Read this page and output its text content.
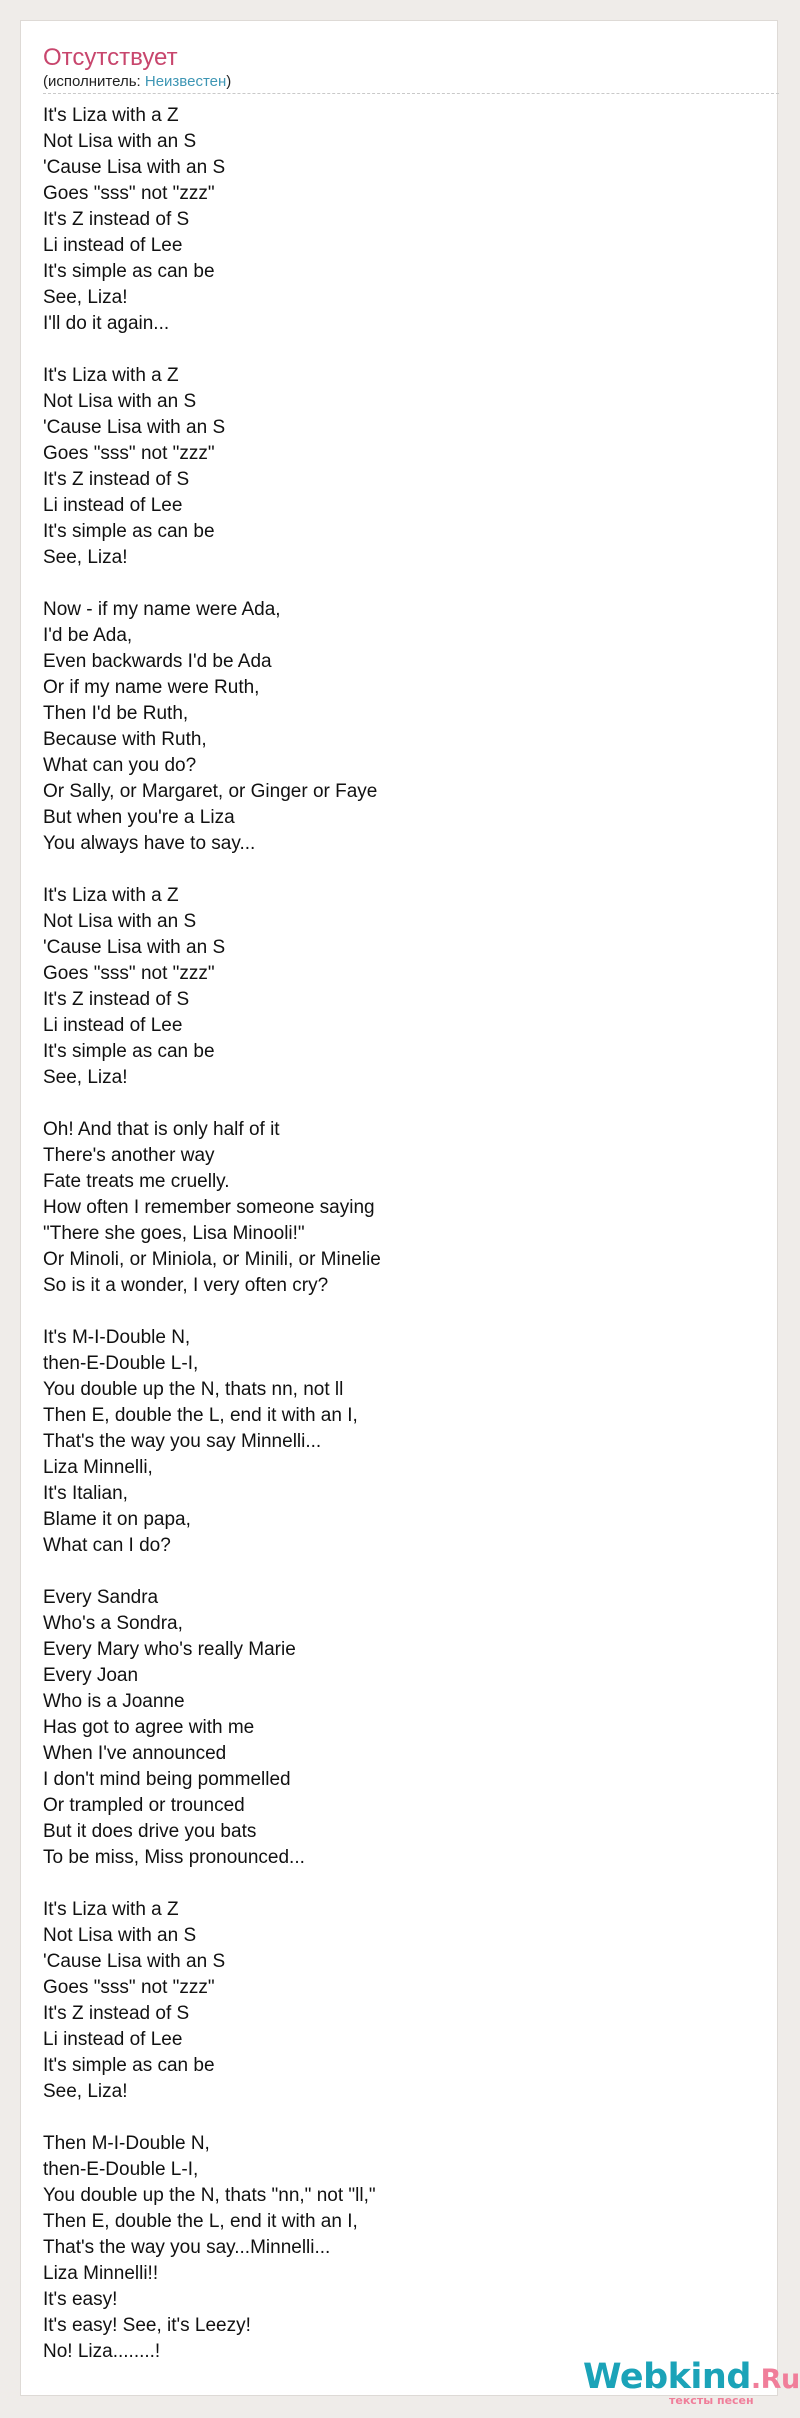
Отсутствует
(исполнитель: Неизвестен)
It's Liza with a Z
Not Lisa with an S
'Cause Lisa with an S
Goes "sss" not "zzz"
It's Z instead of S
Li instead of Lee
It's simple as can be
See, Liza!
I'll do it again...

It's Liza with a Z
Not Lisa with an S
'Cause Lisa with an S
Goes "sss" not "zzz"
It's Z instead of S
Li instead of Lee
It's simple as can be
See, Liza!

Now - if my name were Ada,
I'd be Ada,
Even backwards I'd be Ada
Or if my name were Ruth,
Then I'd be Ruth,
Because with Ruth,
What can you do?
Or Sally, or Margaret, or Ginger or Faye
But when you're a Liza
You always have to say...

It's Liza with a Z
Not Lisa with an S
'Cause Lisa with an S
Goes "sss" not "zzz"
It's Z instead of S
Li instead of Lee
It's simple as can be
See, Liza!

Oh! And that is only half of it
There's another way
Fate treats me cruelly.
How often I remember someone saying
"There she goes, Lisa Minooli!"
Or Minoli, or Miniola, or Minili, or Minelie
So is it a wonder, I very often cry?

It's M-I-Double N,
then-E-Double L-I,
You double up the N, thats nn, not ll
Then E, double the L, end it with an I,
That's the way you say Minnelli...
Liza Minnelli,
It's Italian,
Blame it on papa,
What can I do?

Every Sandra
Who's a Sondra,
Every Mary who's really Marie
Every Joan
Who is a Joanne
Has got to agree with me
When I've announced
I don't mind being pommelled
Or trampled or trounced
But it does drive you bats
To be miss, Miss pronounced...

It's Liza with a Z
Not Lisa with an S
'Cause Lisa with an S
Goes "sss" not "zzz"
It's Z instead of S
Li instead of Lee
It's simple as can be
See, Liza!

Then M-I-Double N,
then-E-Double L-I,
You double up the N, thats "nn," not "ll,"
Then E, double the L, end it with an I,
That's the way you say...Minnelli...
Liza Minnelli!!
It's easy!
It's easy! See, it's Leezy!
No! Liza........!
Webkind.Ru
тексты песен
